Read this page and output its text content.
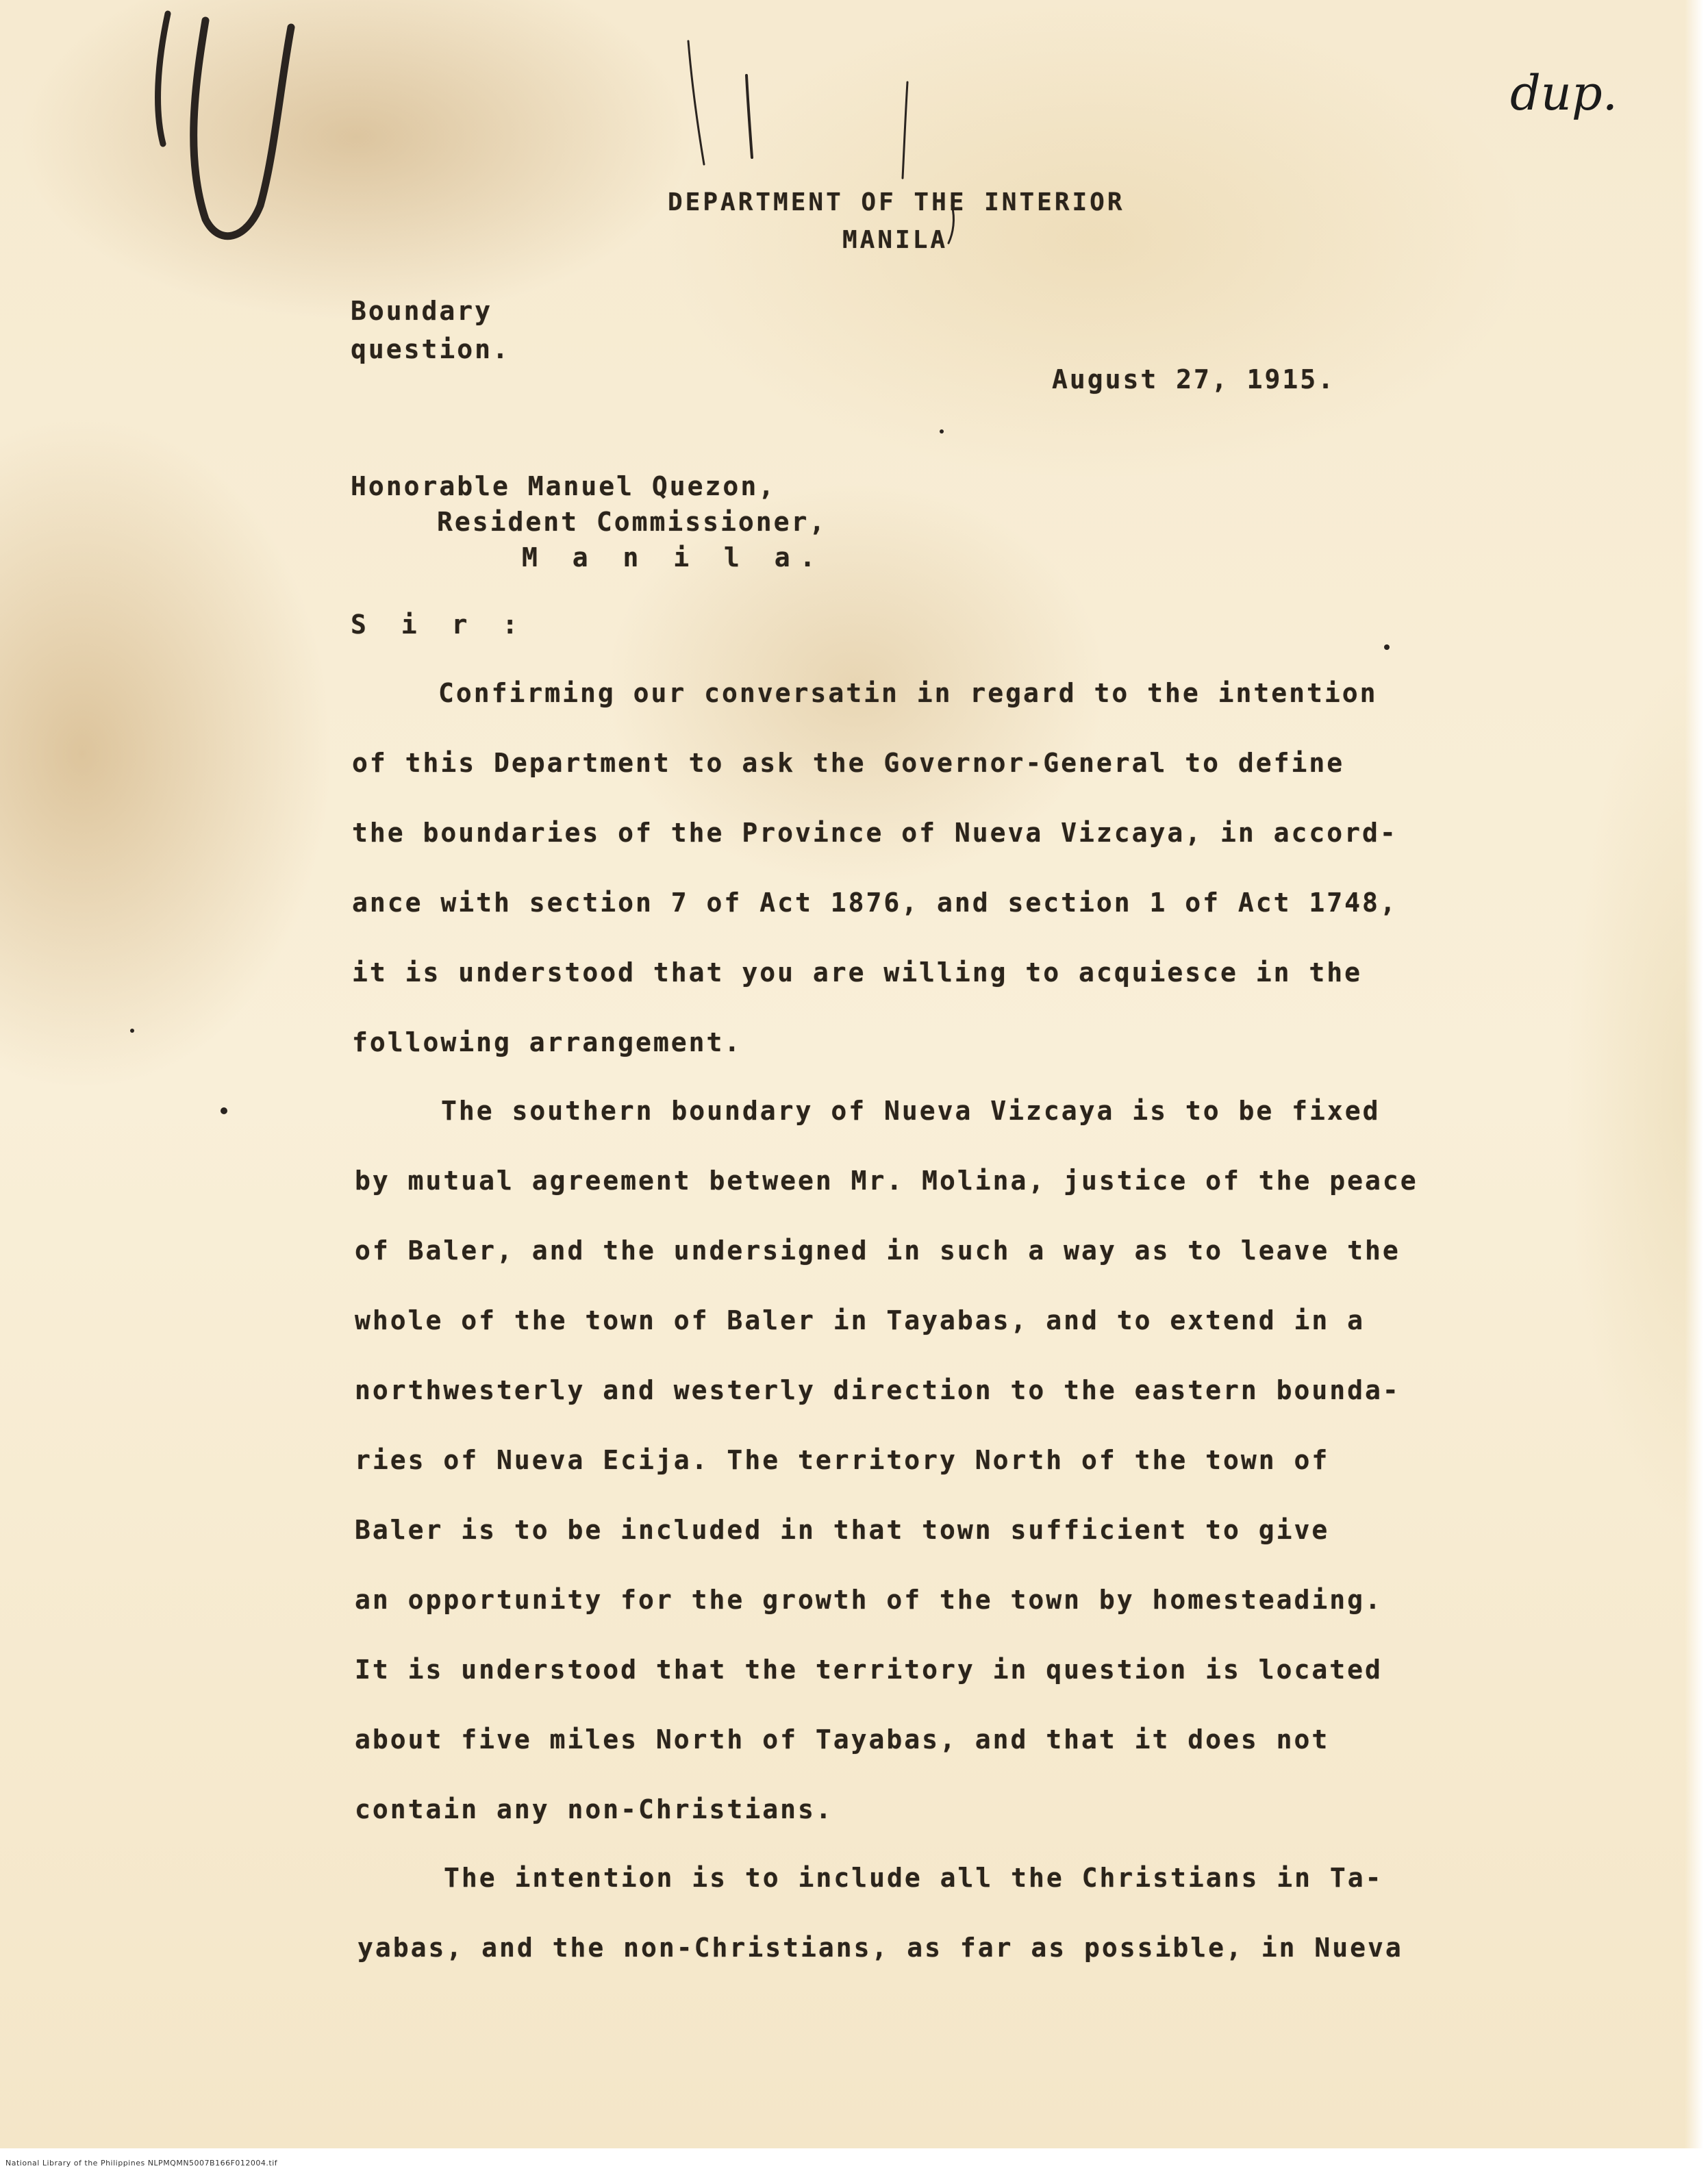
dup.
DEPARTMENT OF THE INTERIOR
MANILA
Boundary
question.
August 27, 1915.
Honorable Manuel Quezon,
Resident Commissioner,
M a n i l a.
S i r :
Confirming our conversatin in regard to the intention
of this Department to ask the Governor-General to define
the boundaries of the Province of Nueva Vizcaya, in accord-
ance with section 7 of Act 1876, and section 1 of Act 1748,
it is understood that you are willing to acquiesce in the
following arrangement.
The southern boundary of Nueva Vizcaya is to be fixed
by mutual agreement between Mr. Molina, justice of the peace
of Baler, and the undersigned in such a way as to leave the
whole of the town of Baler in Tayabas, and to extend in a
northwesterly and westerly direction to the eastern bounda-
ries of Nueva Ecija. The territory North of the town of
Baler is to be included in that town sufficient to give
an opportunity for the growth of the town by homesteading.
It is understood that the territory in question is located
about five miles North of Tayabas, and that it does not
contain any non-Christians.
The intention is to include all the Christians in Ta-
yabas, and the non-Christians, as far as possible, in Nueva
National Library of the Philippines NLPMQMN5007B166F012004.tif
